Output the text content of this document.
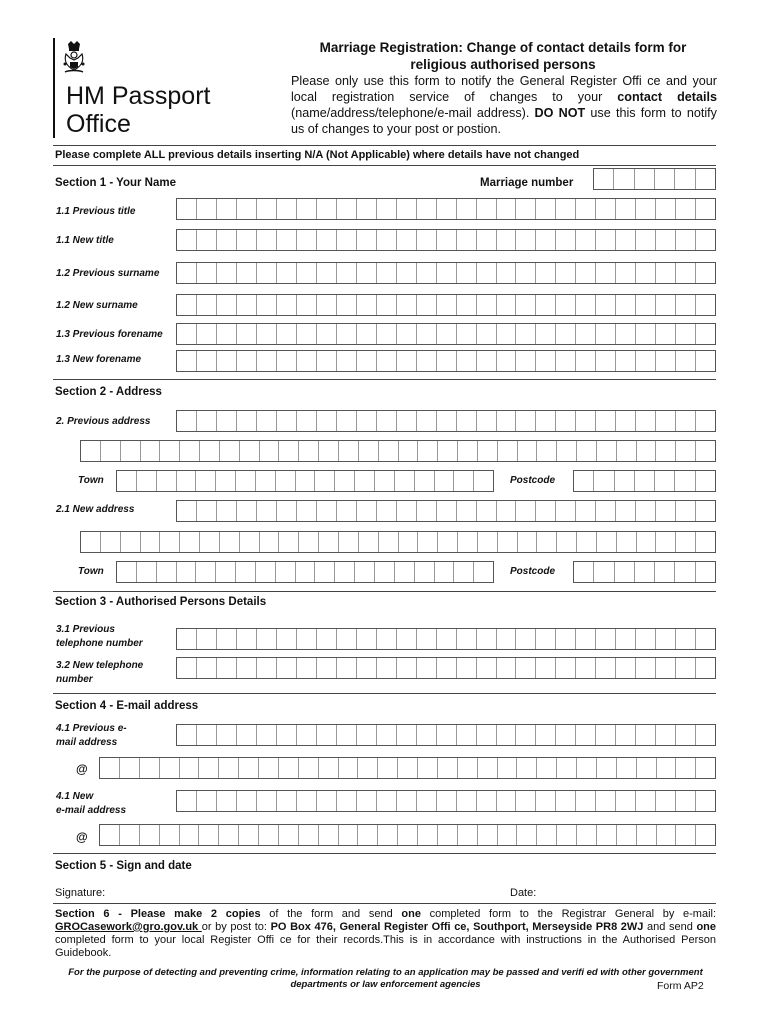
HM Passport
Office
Marriage Registration: Change of contact details form for
religious authorised persons
Please only use this form to notify the General Register Offi ce and your local registration service of changes to your contact details (name/address/telephone/e-mail address). DO NOT use this form to notify us of changes to your post or postion.
Please complete ALL previous details inserting N/A (Not Applicable) where details have not changed
Section 1 - Your Name	Marriage number
1.1 Previous title
1.1 New title
1.2 Previous surname
1.2 New surname
1.3 Previous forename
1.3 New forename
Section 2 - Address
2. Previous address
Town	Postcode
2.1 New address
Town	Postcode
Section 3 - Authorised Persons Details
3.1 Previous
telephone number
3.2 New telephone
number
Section 4 - E-mail address
4.1 Previous e-
mail address
@
4.1 New
e-mail address
@
Section 5 - Sign and date
Signature:	Date:
Section 6 - Please make 2 copies of the form and send one completed form to the Registrar General by e-mail: GROCasework@gro.gov.uk or by post to: PO Box 476, General Register Offi ce, Southport, Merseyside PR8 2WJ and send one completed form to your local Register Offi ce for their records.This is in accordance with instructions in the Authorised Person Guidebook.
For the purpose of detecting and preventing crime, information relating to an application may be passed and verifi ed with other government departments or law enforcement agencies	Form AP2
